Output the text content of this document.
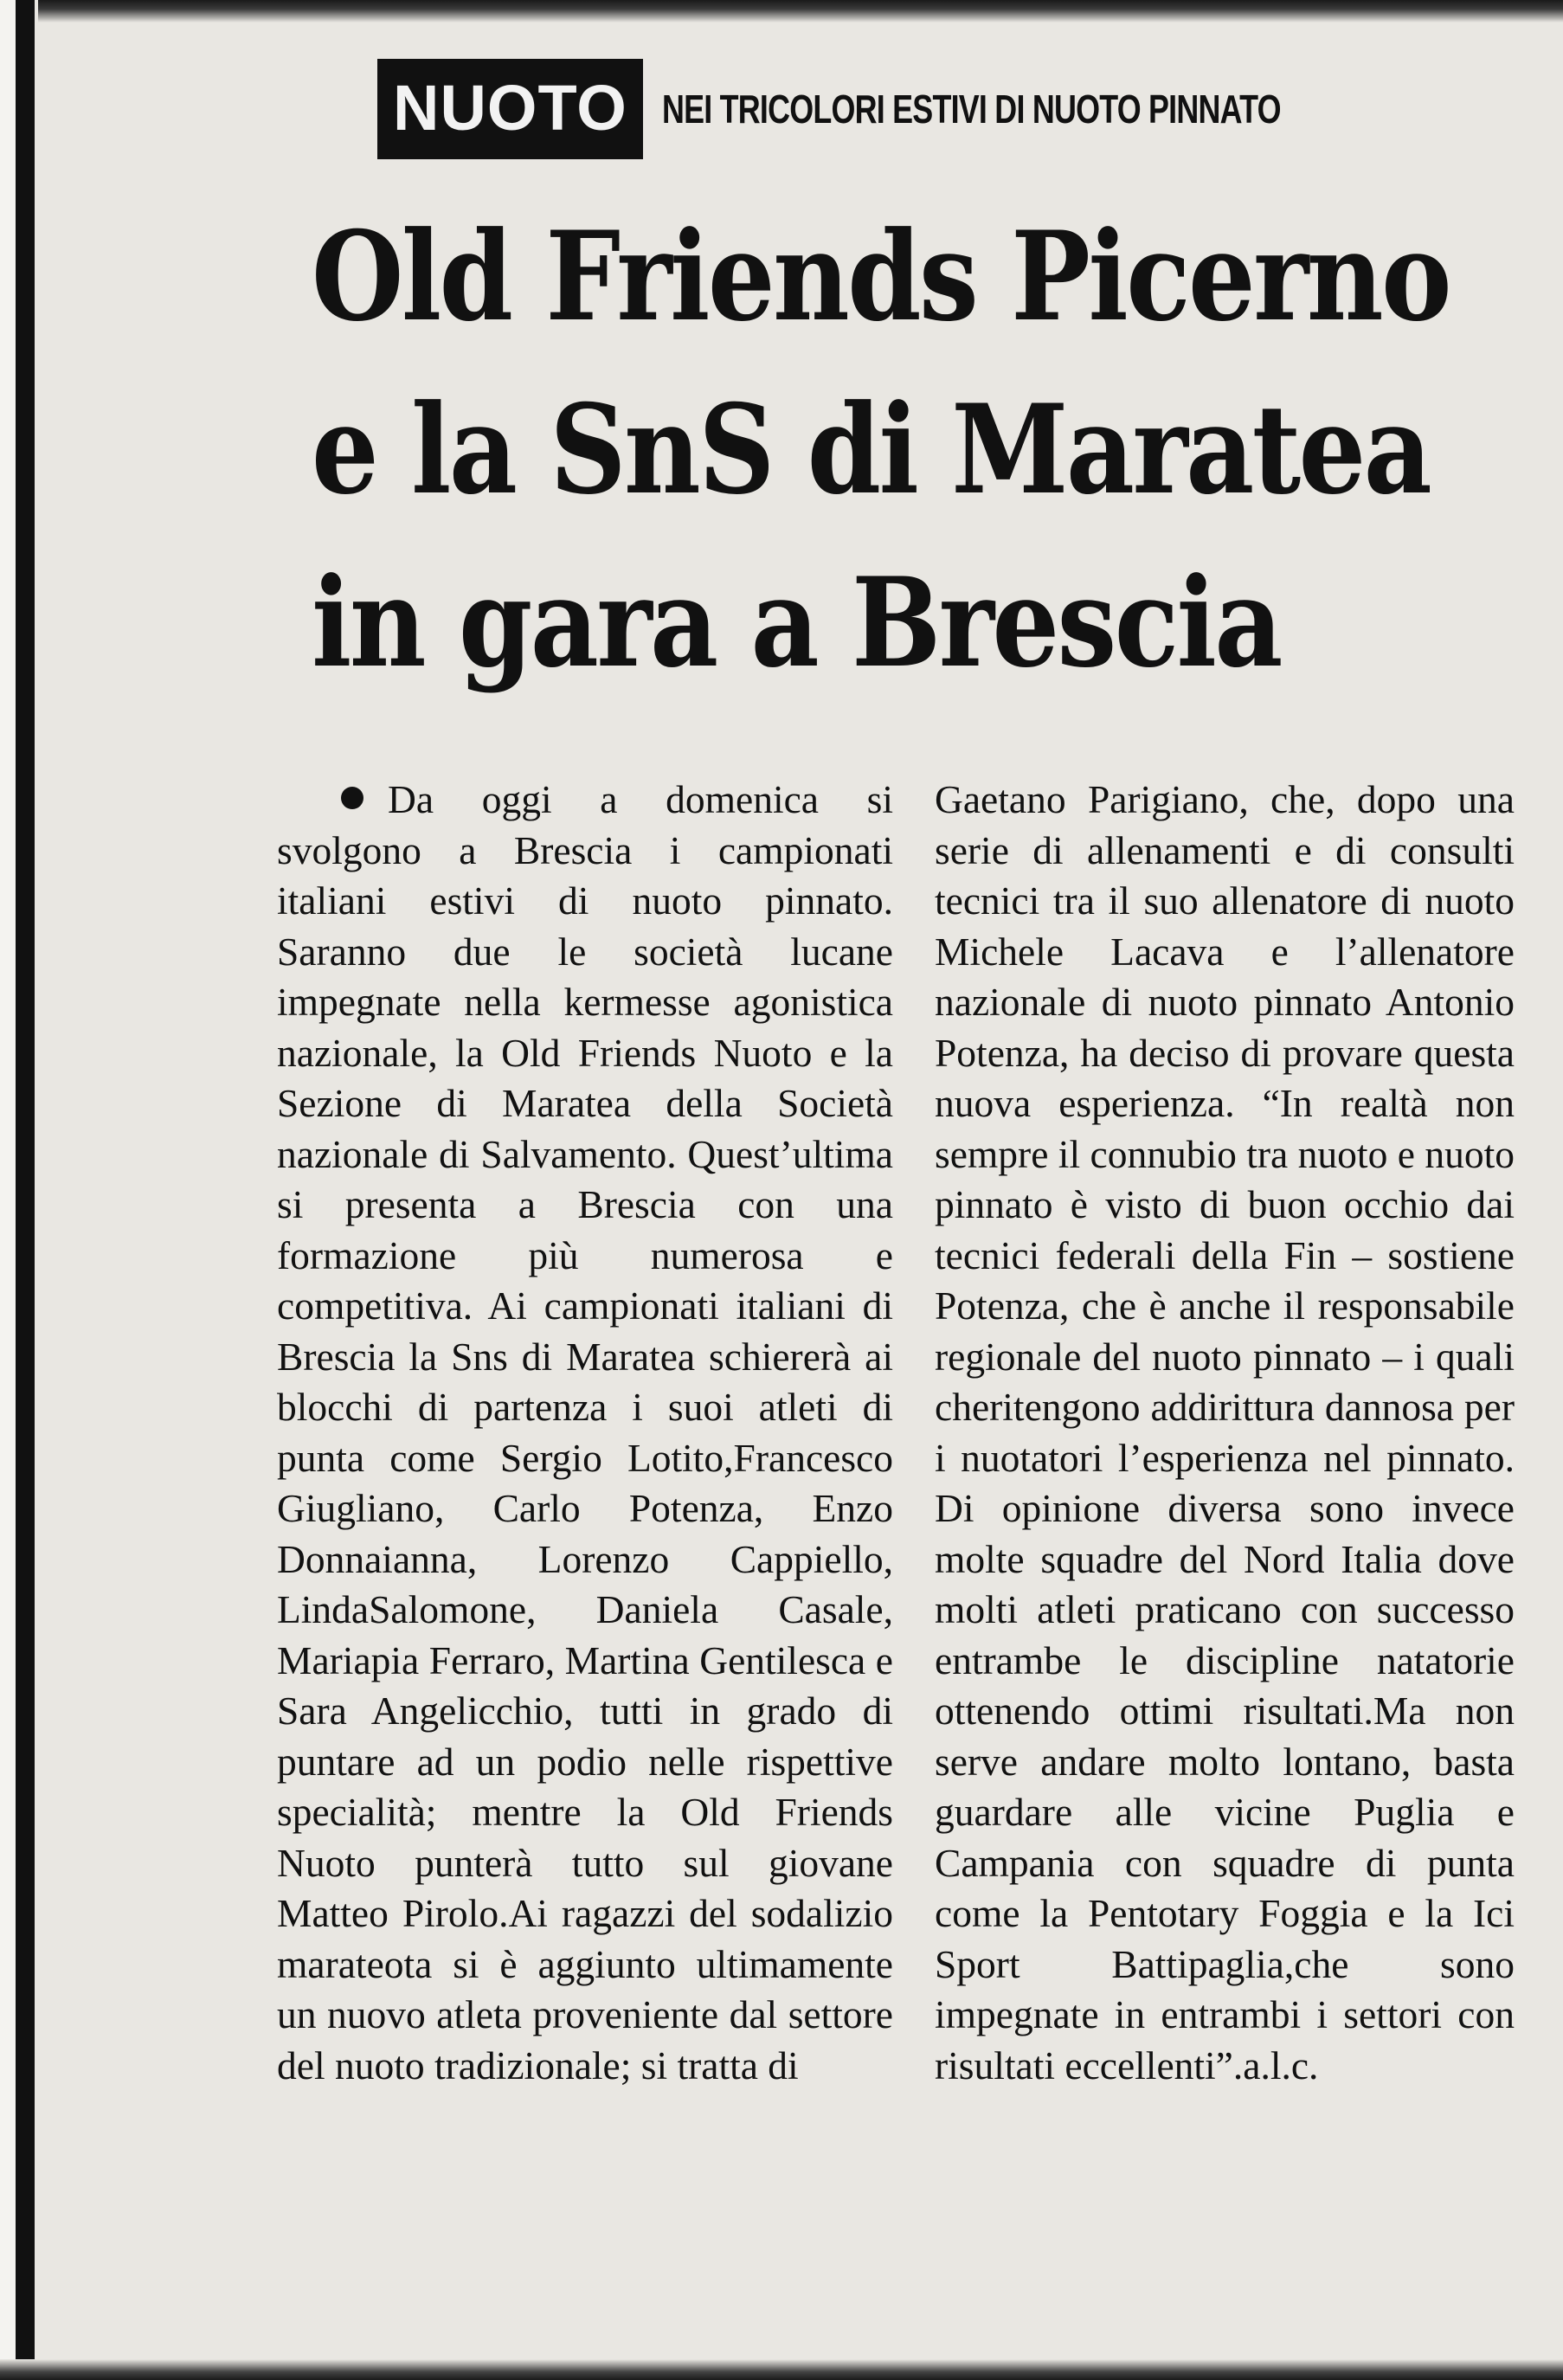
NUOTO NEI TRICOLORI ESTIVI DI NUOTO PINNATO
Old Friends Picerno
e la SnS di Maratea
in gara a Brescia

Da oggi a domenica si svolgono a Brescia i campionati italiani estivi di nuoto pinnato. Saranno due le società lucane impegnate nella kermesse agonistica nazionale, la Old Friends Nuoto e la Sezione di Maratea della Società nazionale di Salvamento. Quest’ultima si presenta a Brescia con una formazione più numerosa e competitiva. Ai campionati italiani di Brescia la Sns di Maratea schiererà ai blocchi di partenza i suoi atleti di punta come Sergio Lotito,Francesco Giugliano, Carlo Potenza, Enzo Donnaianna, Lorenzo Cappiello, LindaSalomone, Daniela Casale, Mariapia Ferraro, Martina Gentilesca e Sara Angelicchio, tutti in grado di puntare ad un podio nelle rispettive specialità; mentre la Old Friends Nuoto punterà tutto sul giovane Matteo Pirolo.Ai ragazzi del sodalizio marateota si è aggiunto ultimamente un nuovo atleta proveniente dal settore del nuoto tradizionale; si tratta di

Gaetano Parigiano, che, dopo una serie di allenamenti e di consulti tecnici tra il suo allenatore di nuoto Michele Lacava e l’allenatore nazionale di nuoto pinnato Antonio Potenza, ha deciso di provare questa nuova esperienza. “In realtà non sempre il connubio tra nuoto e nuoto pinnato è visto di buon occhio dai tecnici federali della Fin – sostiene Potenza, che è anche il responsabile regionale del nuoto pinnato – i quali cheritengono addirittura dannosa per i nuotatori l’esperienza nel pinnato. Di opinione diversa sono invece molte squadre del Nord Italia dove molti atleti praticano con successo entrambe le discipline natatorie ottenendo ottimi risultati.Ma non serve andare molto lontano, basta guardare alle vicine Puglia e Campania con squadre di punta come la Pentotary Foggia e la Ici Sport Battipaglia,che sono impegnate in entrambi i settori con risultati eccellenti”.a.l.c.
